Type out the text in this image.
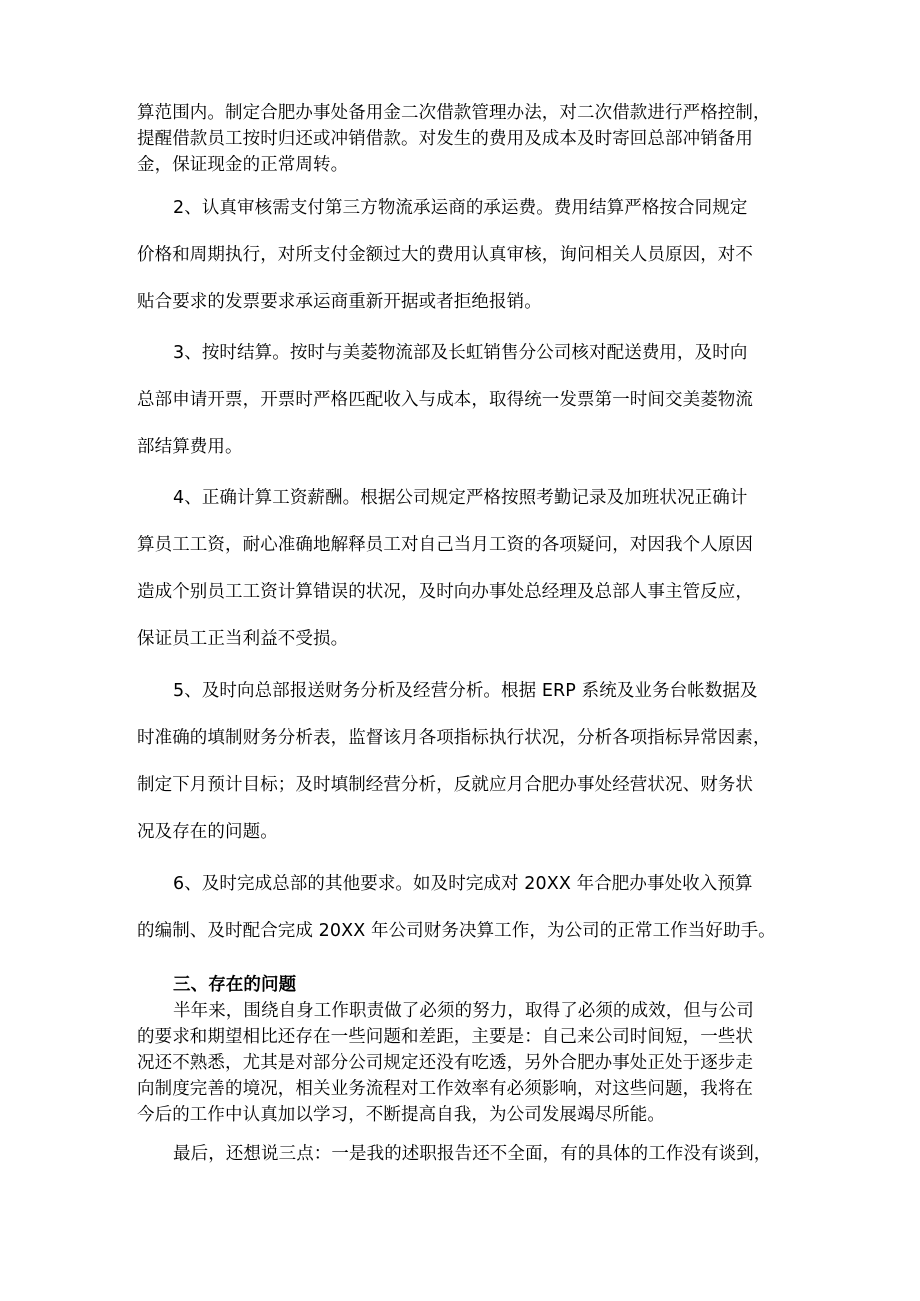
算范围内。制定合肥办事处备用金二次借款管理办法，对二次借款进行严格控制，
提醒借款员工按时归还或冲销借款。对发生的费用及成本及时寄回总部冲销备用
金，保证现金的正常周转。
2、认真审核需支付第三方物流承运商的承运费。费用结算严格按合同规定
价格和周期执行，对所支付金额过大的费用认真审核，询问相关人员原因，对不
贴合要求的发票要求承运商重新开据或者拒绝报销。
3、按时结算。按时与美菱物流部及长虹销售分公司核对配送费用，及时向
总部申请开票，开票时严格匹配收入与成本，取得统一发票第一时间交美菱物流
部结算费用。
4、正确计算工资薪酬。根据公司规定严格按照考勤记录及加班状况正确计
算员工工资，耐心准确地解释员工对自己当月工资的各项疑问，对因我个人原因
造成个别员工工资计算错误的状况，及时向办事处总经理及总部人事主管反应，
保证员工正当利益不受损。
5、及时向总部报送财务分析及经营分析。根据 ERP 系统及业务台帐数据及
时准确的填制财务分析表，监督该月各项指标执行状况，分析各项指标异常因素，
制定下月预计目标；及时填制经营分析，反就应月合肥办事处经营状况、财务状
况及存在的问题。
6、及时完成总部的其他要求。如及时完成对 20XX 年合肥办事处收入预算
的编制、及时配合完成 20XX 年公司财务决算工作，为公司的正常工作当好助手。
三、存在的问题
半年来，围绕自身工作职责做了必须的努力，取得了必须的成效，但与公司
的要求和期望相比还存在一些问题和差距，主要是：自己来公司时间短，一些状
况还不熟悉，尤其是对部分公司规定还没有吃透，另外合肥办事处正处于逐步走
向制度完善的境况，相关业务流程对工作效率有必须影响，对这些问题，我将在
今后的工作中认真加以学习，不断提高自我，为公司发展竭尽所能。
最后，还想说三点：一是我的述职报告还不全面，有的具体的工作没有谈到，
